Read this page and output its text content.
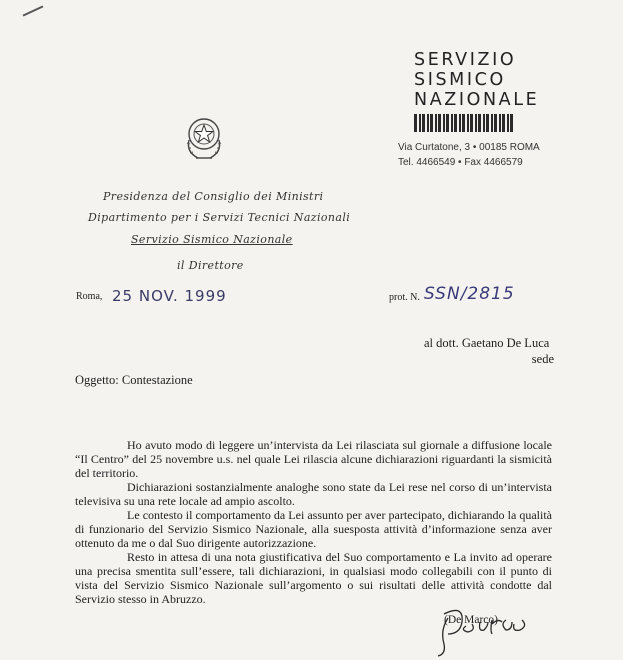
SERVIZIO
SISMICO
NAZIONALE
Via Curtatone, 3 • 00185 ROMA
Tel. 4466549 • Fax 4466579
Presidenza del Consiglio dei Ministri
Dipartimento per i Servizi Tecnici Nazionali
Servizio Sismico Nazionale
il Direttore
Roma, 25 NOV. 1999	prot. N. SSN/2815
al dott. Gaetano De Luca
sede
Oggetto: Contestazione

Ho avuto modo di leggere un’intervista da Lei rilasciata sul giornale a diffusione locale “Il Centro” del 25 novembre u.s. nel quale Lei rilascia alcune dichiarazioni riguardanti la sismicità del territorio.

Dichiarazioni sostanzialmente analoghe sono state da Lei rese nel corso di un’intervista televisiva su una rete locale ad ampio ascolto.

Le contesto il comportamento da Lei assunto per aver partecipato, dichiarando la qualità di funzionario del Servizio Sismico Nazionale, alla suesposta attività d’informazione senza aver ottenuto da me o dal Suo dirigente autorizzazione.

Resto in attesa di una nota giustificativa del Suo comportamento e La invito ad operare una precisa smentita sull’essere, tali dichiarazioni, in qualsiasi modo collegabili con il punto di vista del Servizio Sismico Nazionale sull’argomento o sui risultati delle attività condotte dal Servizio stesso in Abruzzo.

(De Marco)
